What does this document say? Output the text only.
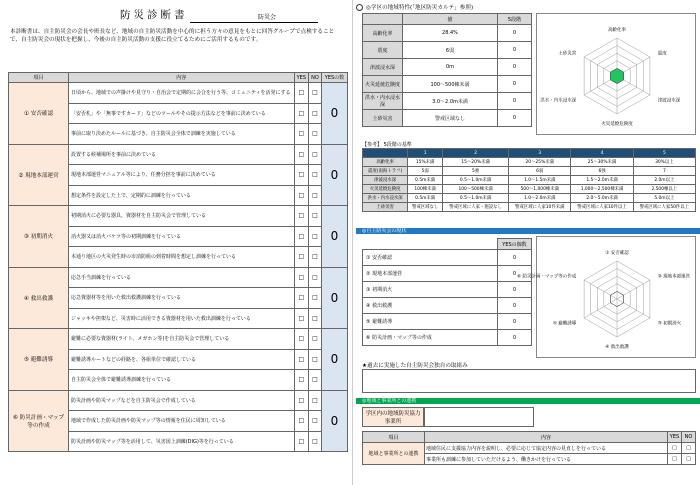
防災診断書	防災会
本診断書は、自主防災会の会長や班長など、地域の自主防災活動を中心的に担う方々の意見をもとに回答グループで点検することで、自主防災会の現状を把握し、今後の自主防災活動の支援に役立てるためにご活用するものです。
項目	内容	YES	NO	YESの数
① 安否確認	日頃から、地域での声掛けや見守り・自治会で定期的に会合を行う等、コミュニティを活発にする	□	□	0
	「安否札」や「無事ですカード」などのツールやその提示方法などを事前に決めている	□	□	
	事前に取り決めたルールに基づき、自主防災会全体で訓練を実施している	□	□	
② 現地本部運営	設置する候補場所を事前に決めている	□	□	0
	現地本部運営マニュアル等により、任務分担を事前に決めている	□	□	
	想定条件を設定した上で、定期的に訓練を行っている	□	□	
③ 初期消火	初期消火に必要な器具、資器材を自主防災会で管理している	□	□	0
	消火器又は消火バケツ等の初期訓練を行っている	□	□	
	本通り地区の火災発生時の市消防組の到着時間を想定し訓練を行っている	□	□	
④ 救出救護	応急手当訓練を行っている	□	□	0
	応急資器材等を用いた救出救護訓練を行っている	□	□	
	ジャッキや担架など、災害時に活用できる資器材を用いた救出訓練を行っている	□	□	
⑤ 避難誘導	避難に必要な資器材(ライト、メガホン等)を自主防災会で管理している	□	□	0
	避難誘導ルートなどの経路を、各組単位で確認している	□	□	
	自主防災会全体で避難誘導訓練を行っている	□	□	
⑥ 防災計画・マップ等の作成	防災計画や防災マップなどを自主防災会で作成している	□	□	0
	地域で作成した防災計画や防災マップ等の情報を住民に周知している	□	□	
	防災計画や防災マップ等を活用して、災害図上訓練(DIG)等を行っている	□	□	
◎学区の地域特性(「地区防災カルテ」参照)
	値	5段階
高齢化率	28.4%	0
震度	6弱	0
津波浸水深	0m	0
火災延焼危険度	100〜500棟未満	0
洪水・内水浸水深	3.0〜2.0m未満	0
土砂災害	警戒区域なし	0
高齢化率
震度
津波浸水深
火災延焼危険度
洪水・内水浸水深
土砂災害
【参考】 5段階の基準
	1	2	3	4	5
高齢化率	15%未満	15〜20%未満	20〜25%未満	25〜30%未満	30%以上
震度(南海トラフ)	5弱	5強	6弱	6強	7
津波浸水深	0.5m未満	0.5〜1.0m未満	1.0〜1.5m未満	1.5〜2.0m未満	2.0m以上
火災延焼危険度	100棟未満	100〜500棟未満	500〜1,000棟未満	1,000〜2,500棟未満	2,500棟以上
洪水・内水浸水深	0.5m未満	0.5〜1.0m未満	1.0〜2.0m未満	2.0〜5.0m未満	5.0m以上
土砂災害	警戒区域なし	警戒区域に人家・施設なし	警戒区域に人家10件未満	警戒区域に人家10件以上	警戒区域に人家50件以上
◎自主防災会の現状
	YESの個数
① 安否確認	0
② 現地本部運営	0
③ 初期消火	0
④ 救出救護	0
⑤ 避難誘導	0
⑥ 防災計画・マップ等の作成	0
① 安否確認
② 現地本部運営
③ 初期消火
④ 救出救護
⑤ 避難誘導
⑥ 防災計画・マップ等の作成
★過去に実施した自主防災会独自の取組み
◎地域と事業所との連携
学区内の地域防災協力事業所
項目	内容	YES	NO
地域と事業所との連携	地域住民に支援協力内容を説明し、必要に応じて協定内容の見直しを行っている	□	□
	事業所も訓練に参加していただけるよう、働きかけを行っている	□	□
